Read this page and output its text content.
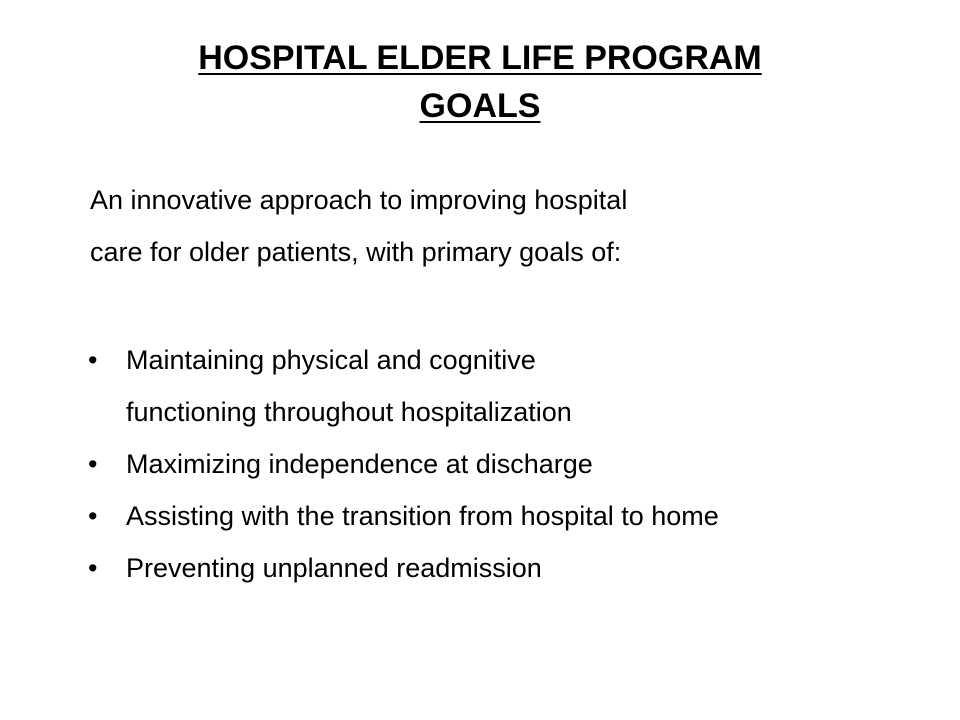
HOSPITAL ELDER LIFE PROGRAM
GOALS

An innovative approach to improving hospital
care for older patients, with primary goals of:

• Maintaining physical and cognitive
functioning throughout hospitalization
• Maximizing independence at discharge
• Assisting with the transition from hospital to home
• Preventing unplanned readmission
